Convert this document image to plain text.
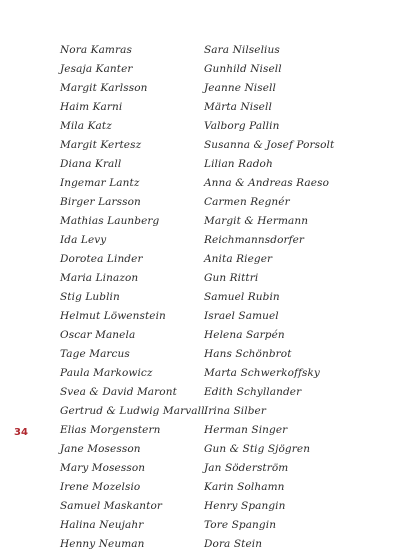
Nora Kamras
Jesaja Kanter
Margit Karlsson
Haim Karni
Mila Katz
Margit Kertesz
Diana Krall
Ingemar Lantz
Birger Larsson
Mathias Launberg
Ida Levy
Dorotea Linder
Maria Linazon
Stig Lublin
Helmut Löwenstein
Oscar Manela
Tage Marcus
Paula Markowicz
Svea & David Maront
Gertrud & Ludwig Marvall
Elias Morgenstern
Jane Mosesson
Mary Mosesson
Irene Mozelsio
Samuel Maskantor
Halina Neujahr
Henny Neuman
Sara Nilselius
Gunhild Nisell
Jeanne Nisell
Märta Nisell
Valborg Pallin
Susanna & Josef Porsolt
Lilian Radoh
Anna & Andreas Raeso
Carmen Regnér
Margit & Hermann
Reichmannsdorfer
Anita Rieger
Gun Rittri
Samuel Rubin
Israel Samuel
Helena Sarpén
Hans Schönbrot
Marta Schwerkoffsky
Edith Schyllander
Irina Silber
Herman Singer
Gun & Stig Sjögren
Jan Söderström
Karin Solhamn
Henry Spangin
Tore Spangin
Dora Stein
34
